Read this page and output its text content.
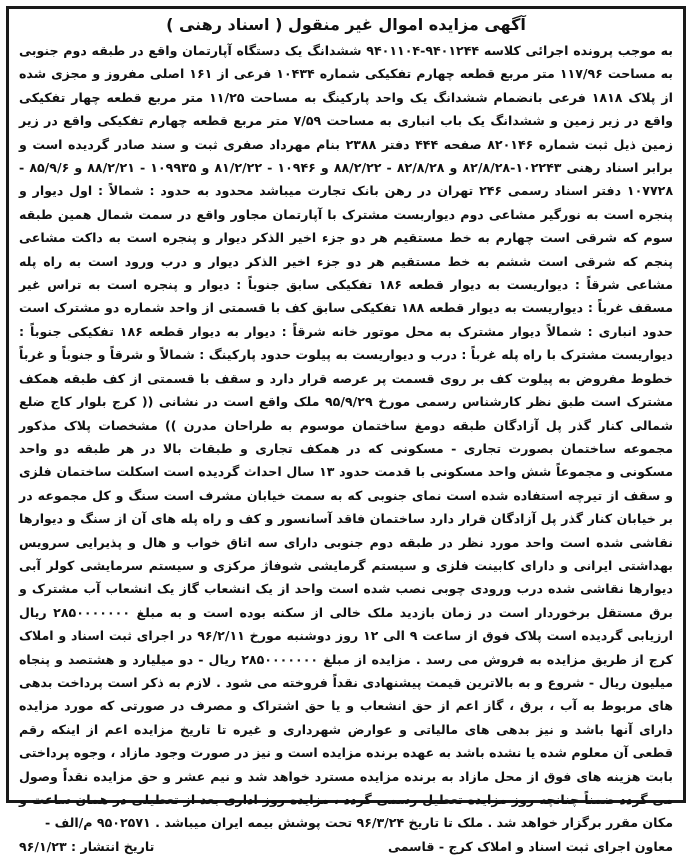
آگهی مزایده اموال غیر منقول ( اسناد رهنی )

به موجب پرونده اجرائی کلاسه ۹۴۰۱۲۴۴-۹۴۰۱۱۰۴ ششدانگ یک دستگاه آپارتمان واقع در طبقه دوم جنوبی به مساحت ۱۱۷/۹۶ متر مربع قطعه چهارم تفکیکی شماره ۱۰۴۳۴ فرعی از ۱۶۱ اصلی مفروز و مجزی شده از پلاک ۱۸۱۸ فرعی بانضمام ششدانگ یک واحد پارکینگ به مساحت ۱۱/۲۵ متر مربع قطعه چهار تفکیکی واقع در زیر زمین و ششدانگ یک باب انباری به مساحت ۷/۵۹ متر مربع قطعه چهارم تفکیکی واقع در زیر زمین ذیل ثبت شماره ۸۲۰۱۴۶ صفحه ۴۴۴ دفتر ۲۳۸۸ بنام مهرداد صفری ثبت و سند صادر گردیده است و برابر اسناد رهنی ۱۰۲۲۴۳-۸۲/۸/۲۸ و ۸۲/۸/۲۸ - ۸۸/۲/۲۲ و ۱۰۹۴۶ - ۸۱/۲/۲۲ و ۱۰۹۹۳۵ - ۸۸/۲/۲۱ و ۸۵/۹/۶ - ۱۰۷۷۲۸ دفتر اسناد رسمی ۲۴۶ تهران در رهن بانک تجارت میباشد محدود به حدود : شمالاً : اول دیوار و پنجره است به نورگیر مشاعی دوم دیواربست مشترک با آپارتمان مجاور واقع در سمت شمال همین طبقه سوم که شرقی است چهارم به خط مستقیم هر دو جزء اخیر الذکر دیوار و پنجره است به داکت مشاعی پنجم که شرقی است ششم به خط مستقیم هر دو جزء اخیر الذکر دیوار و درب ورود است به راه پله مشاعی شرقاً : دیواریست به دیوار قطعه ۱۸۶ تفکیکی سابق جنوباً : دیوار و پنجره است به تراس غیر مسقف غرباً : دیواریست به دیوار قطعه ۱۸۸ تفکیکی سابق کف با قسمتی از واحد شماره دو مشترک است حدود انباری : شمالاً دیوار مشترک به محل موتور خانه شرقاً : دیوار به دیوار قطعه ۱۸۶ تفکیکی جنوباً : دیواریست مشترک با راه پله غرباً : درب و دیواریست به پیلوت حدود پارکینگ : شمالاً و شرقاً و جنوباً و غرباً خطوط مفروض به پیلوت کف بر روی قسمت پر عرصه قرار دارد و سقف با قسمتی از کف طبقه همکف مشترک است طبق نظر کارشناس رسمی مورخ ۹۵/۹/۲۹ ملک واقع است در نشانی (( کرج بلوار کاج ضلع شمالی کنار گذر پل آزادگان طبقه دومغ ساختمان موسوم به طراحان مدرن )) مشخصات پلاک مذکور مجموعه ساختمان بصورت تجاری - مسکونی که در همکف تجاری و طبقات بالا در هر طبقه دو واحد مسکونی و مجموعاً شش واحد مسکونی با قدمت حدود ۱۳ سال احداث گردیده است اسکلت ساختمان فلزی و سقف از تیرچه استفاده شده است نمای جنوبی که به سمت خیابان مشرف است سنگ و کل مجموعه در بر خیابان کنار گذر پل آزادگان قرار دارد ساختمان فاقد آسانسور و کف و راه پله های آن از سنگ و دیوارها نقاشی شده است واحد مورد نظر در طبقه دوم جنوبی دارای سه اتاق خواب و هال و پذیرایی سرویس بهداشتی ایرانی و دارای کابینت فلزی و سیستم گرمایشی شوفاژ مرکزی و سیستم سرمایشی کولر آبی دیوارها نقاشی شده درب ورودی چوبی نصب شده است واحد از یک انشعاب گاز یک انشعاب آب مشترک و برق مستقل برخوردار است در زمان بازدید ملک خالی از سکنه بوده است و به مبلغ ۲۸۵۰۰۰۰۰۰۰ ریال ارزیابی گردیده است پلاک فوق از ساعت ۹ الی ۱۲ روز دوشنبه مورخ ۹۶/۲/۱۱ در اجرای ثبت اسناد و املاک کرج از طریق مزایده به فروش می رسد . مزایده از مبلغ ۲۸۵۰۰۰۰۰۰۰ ریال - دو میلیارد و هشتصد و پنجاه میلیون ریال - شروع و به بالاترین قیمت پیشنهادی نقداً فروخته می شود . لازم به ذکر است پرداخت بدهی های مربوط به آب ، برق ، گاز اعم از حق انشعاب و یا حق اشتراک و مصرف در صورتی که مورد مزایده دارای آنها باشد و نیز بدهی های مالیاتی و عوارض شهرداری و غیره تا تاریخ مزایده اعم از اینکه رقم قطعی آن معلوم شده یا نشده باشد به عهده برنده مزایده است و نیز در صورت وجود مازاد ، وجوه پرداختی بابت هزینه های فوق از محل مازاد به برنده مزایده مسترد خواهد شد و نیم عشر و حق مزایده نقداً وصول می گردد ضمناً چنانچه روز مزایده تعطیل رسمی گردد ، مزایده روز اداری بعد از تعطیلی در همان ساعت و مکان مقرر برگزار خواهد شد . ملک تا تاریخ ۹۶/۳/۲۴ تحت پوشش بیمه ایران میباشد . ۹۵۰۲۵۷۱ م/الف -

معاون اجرای ثبت اسناد و املاک کرج - قاسمی
تاریخ انتشار : ۹۶/۱/۲۳
